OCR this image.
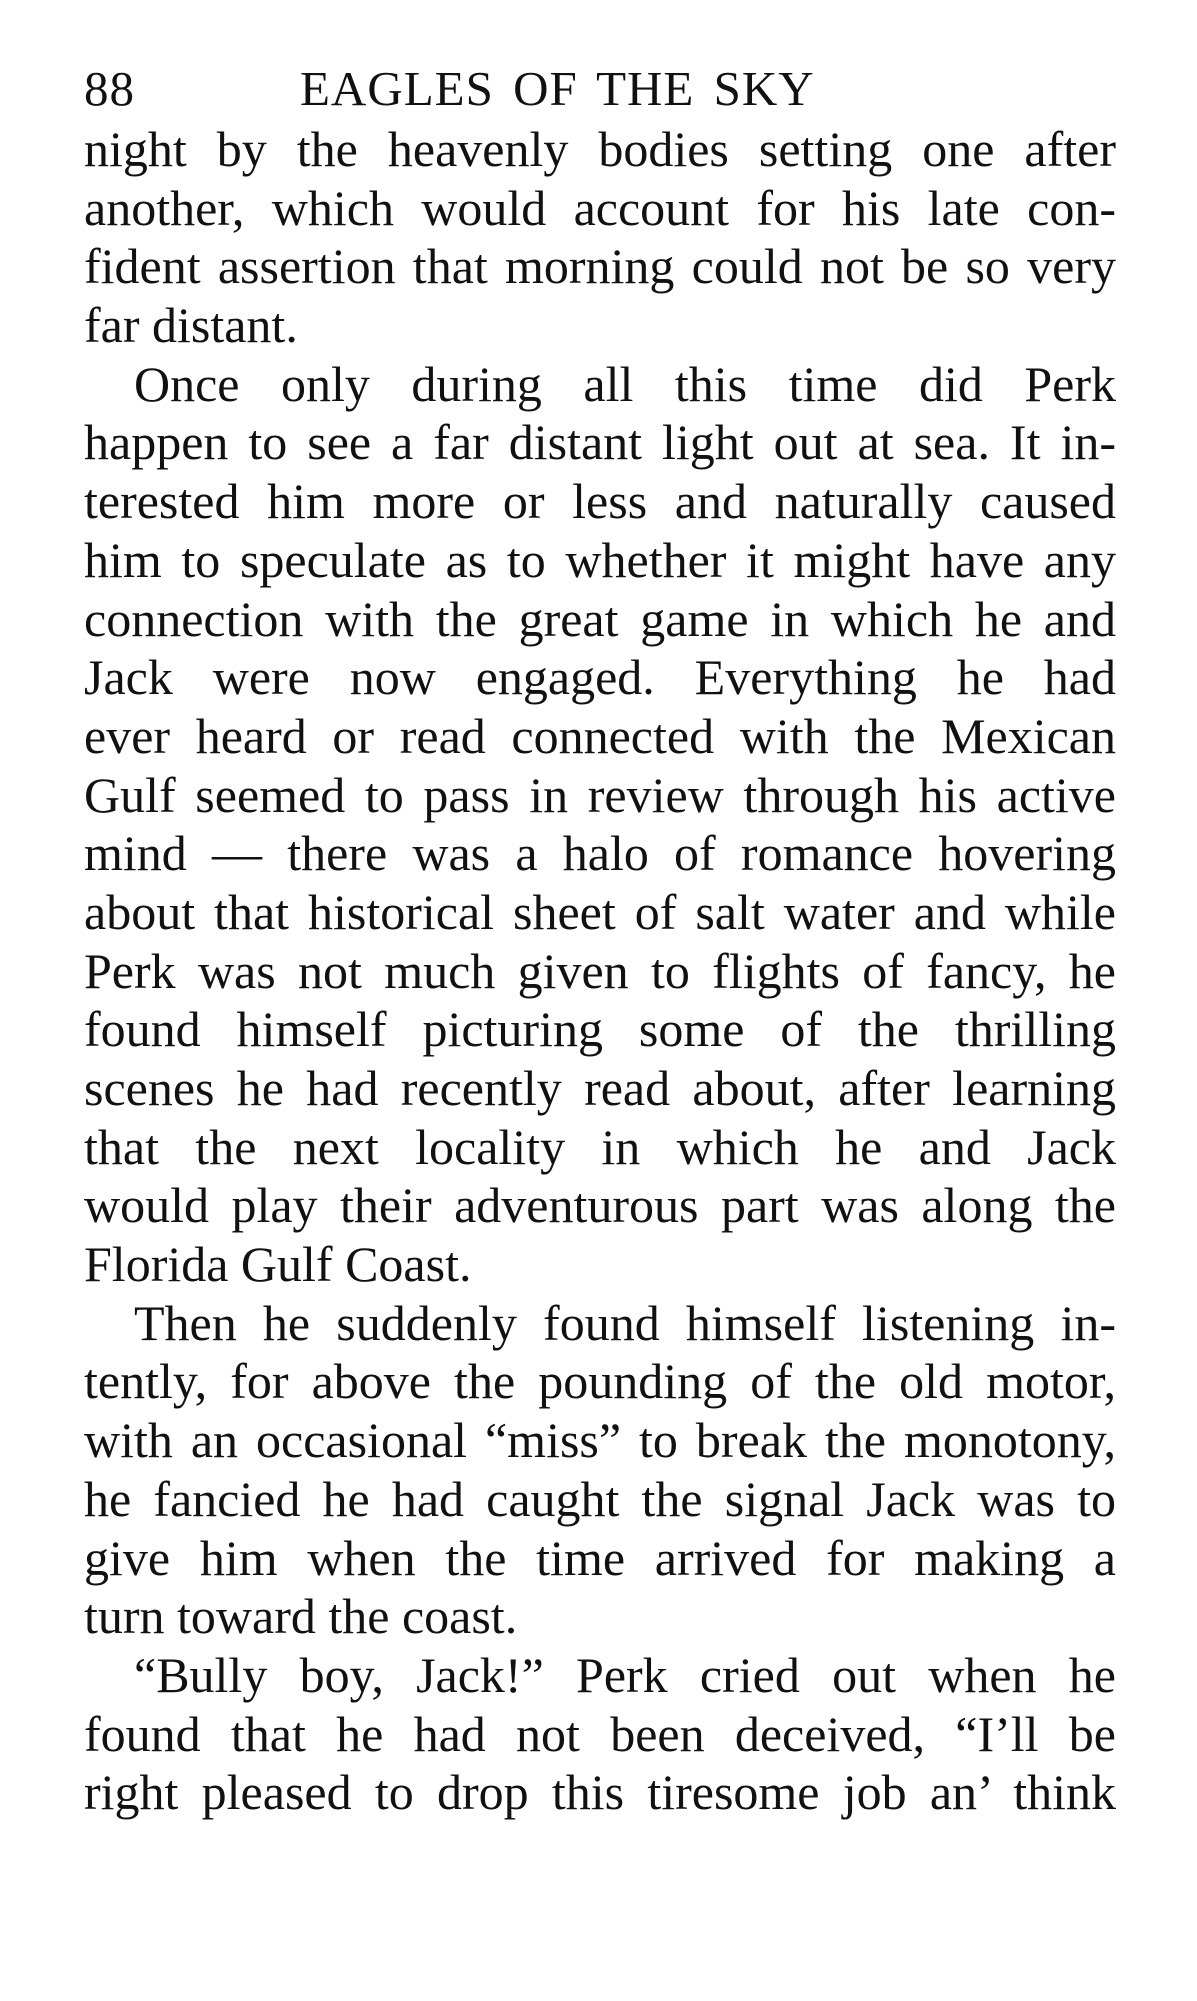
88	EAGLES OF THE SKY
night by the heavenly bodies setting one after
another, which would account for his late con-
fident assertion that morning could not be so very
far distant.
Once only during all this time did Perk
happen to see a far distant light out at sea. It in-
terested him more or less and naturally caused
him to speculate as to whether it might have any
connection with the great game in which he and
Jack were now engaged. Everything he had
ever heard or read connected with the Mexican
Gulf seemed to pass in review through his active
mind — there was a halo of romance hovering
about that historical sheet of salt water and while
Perk was not much given to flights of fancy, he
found himself picturing some of the thrilling
scenes he had recently read about, after learning
that the next locality in which he and Jack
would play their adventurous part was along the
Florida Gulf Coast.
Then he suddenly found himself listening in-
tently, for above the pounding of the old motor,
with an occasional “miss” to break the monotony,
he fancied he had caught the signal Jack was to
give him when the time arrived for making a
turn toward the coast.
“Bully boy, Jack!” Perk cried out when he
found that he had not been deceived, “I’ll be
right pleased to drop this tiresome job an’ think
